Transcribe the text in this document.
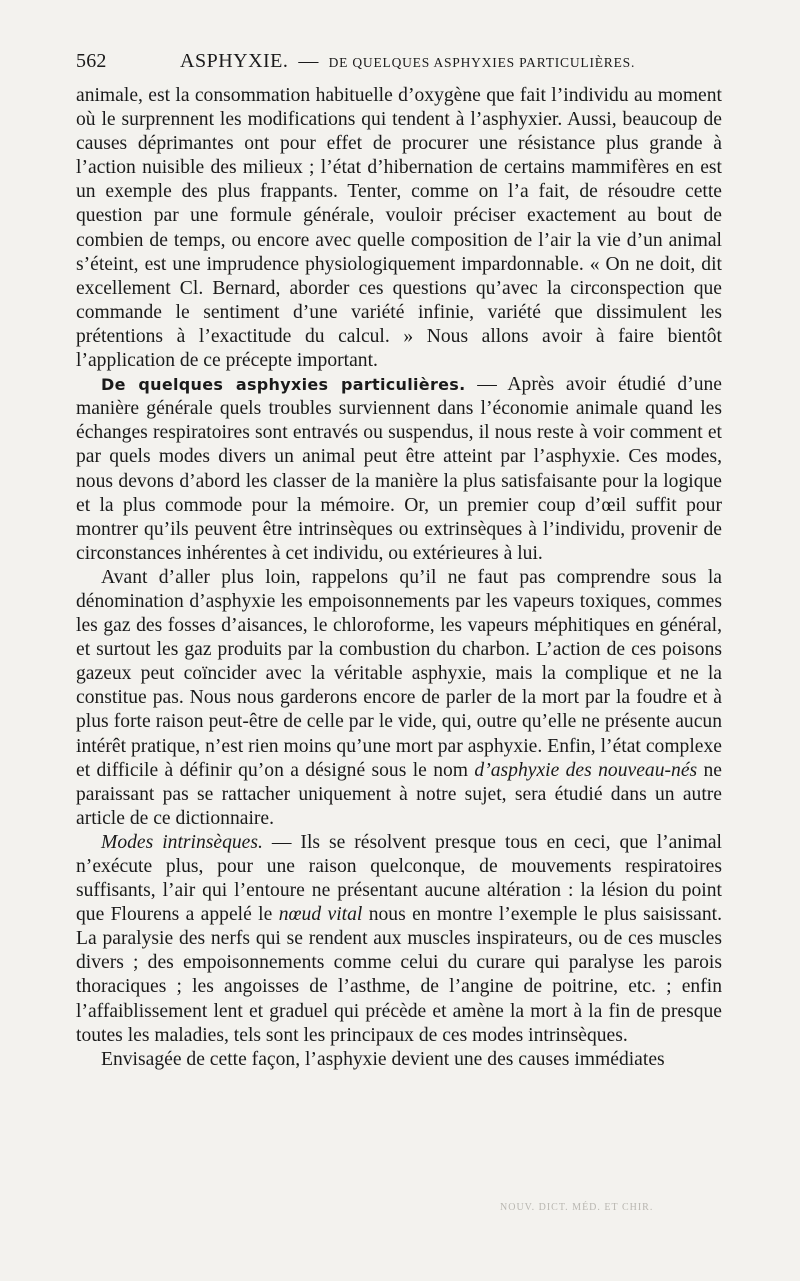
562	ASPHYXIE. — DE QUELQUES ASPHYXIES PARTICULIÈRES.

animale, est la consommation habituelle d’oxygène que fait l’individu au moment où le surprennent les modifications qui tendent à l’asphyxier. Aussi, beaucoup de causes déprimantes ont pour effet de procurer une résistance plus grande à l’action nuisible des milieux ; l’état d’hibernation de certains mammifères en est un exemple des plus frappants. Tenter, comme on l’a fait, de résoudre cette question par une formule générale, vouloir préciser exactement au bout de combien de temps, ou encore avec quelle composition de l’air la vie d’un animal s’éteint, est une imprudence physiologiquement impardonnable. « On ne doit, dit excellement Cl. Bernard, aborder ces questions qu’avec la circonspection que commande le sentiment d’une variété infinie, variété que dissimulent les prétentions à l’exactitude du calcul. » Nous allons avoir à faire bientôt l’application de ce précepte important.

De quelques asphyxies particulières. — Après avoir étudié d’une manière générale quels troubles surviennent dans l’économie animale quand les échanges respiratoires sont entravés ou suspendus, il nous reste à voir comment et par quels modes divers un animal peut être atteint par l’asphyxie. Ces modes, nous devons d’abord les classer de la manière la plus satisfaisante pour la logique et la plus commode pour la mémoire. Or, un premier coup d’œil suffit pour montrer qu’ils peuvent être intrinsèques ou extrinsèques à l’individu, provenir de circonstances inhérentes à cet individu, ou extérieures à lui.

Avant d’aller plus loin, rappelons qu’il ne faut pas comprendre sous la dénomination d’asphyxie les empoisonnements par les vapeurs toxiques, commes les gaz des fosses d’aisances, le chloroforme, les vapeurs méphitiques en général, et surtout les gaz produits par la combustion du charbon. L’action de ces poisons gazeux peut coïncider avec la véritable asphyxie, mais la complique et ne la constitue pas. Nous nous garderons encore de parler de la mort par la foudre et à plus forte raison peut-être de celle par le vide, qui, outre qu’elle ne présente aucun intérêt pratique, n’est rien moins qu’une mort par asphyxie. Enfin, l’état complexe et difficile à définir qu’on a désigné sous le nom d’asphyxie des nouveau-nés ne paraissant pas se rattacher uniquement à notre sujet, sera étudié dans un autre article de ce dictionnaire.

Modes intrinsèques. — Ils se résolvent presque tous en ceci, que l’animal n’exécute plus, pour une raison quelconque, de mouvements respiratoires suffisants, l’air qui l’entoure ne présentant aucune altération : la lésion du point que Flourens a appelé le nœud vital nous en montre l’exemple le plus saisissant. La paralysie des nerfs qui se rendent aux muscles inspirateurs, ou de ces muscles divers ; des empoisonnements comme celui du curare qui paralyse les parois thoraciques ; les angoisses de l’asthme, de l’angine de poitrine, etc. ; enfin l’affaiblissement lent et graduel qui précède et amène la mort à la fin de presque toutes les maladies, tels sont les principaux de ces modes intrinsèques.

Envisagée de cette façon, l’asphyxie devient une des causes immédiates

NOUV. DICT. MÉD. ET CHIR.
